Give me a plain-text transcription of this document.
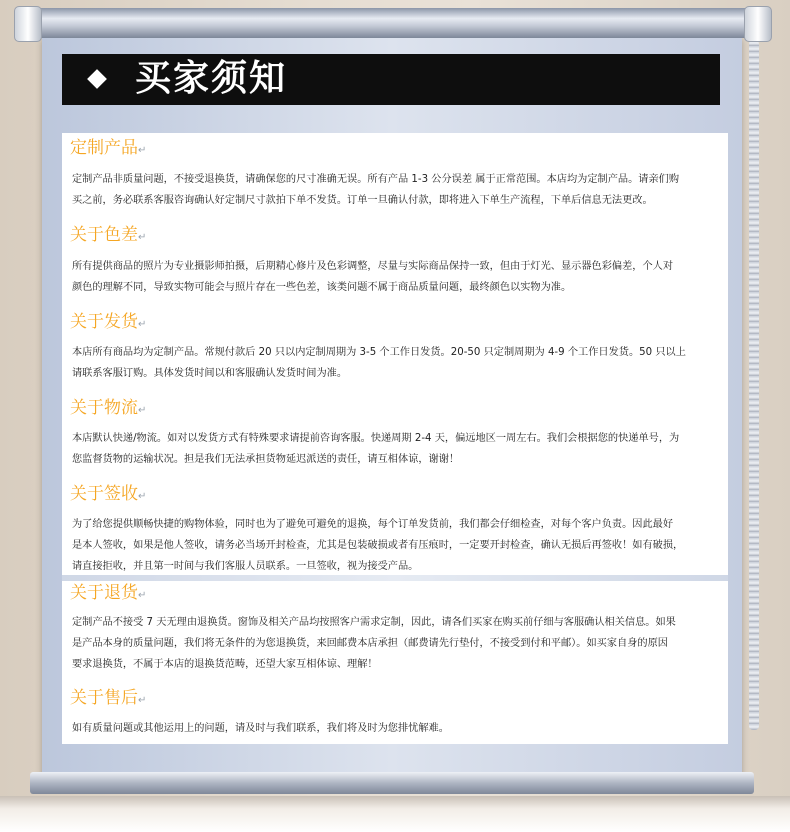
买家须知
定制产品↵
定制产品非质量问题，不接受退换货，请确保您的尺寸准确无误。所有产品 1-3 公分误差 属于正常范围。本店均为定制产品。请亲们购
买之前，务必联系客服咨询确认好定制尺寸款拍下单不发货。订单一旦确认付款，即将进入下单生产流程，下单后信息无法更改。
关于色差↵
所有提供商品的照片为专业摄影师拍摄，后期精心修片及色彩调整，尽量与实际商品保持一致，但由于灯光、显示器色彩偏差，个人对
颜色的理解不同，导致实物可能会与照片存在一些色差，该类问题不属于商品质量问题，最终颜色以实物为准。
关于发货↵
本店所有商品均为定制产品。常规付款后 20 只以内定制周期为 3-5 个工作日发货。20-50 只定制周期为 4-9 个工作日发货。50 只以上
请联系客服订购。具体发货时间以和客服确认发货时间为准。
关于物流↵
本店默认快递/物流。如对以发货方式有特殊要求请提前咨询客服。快递周期 2-4 天，偏远地区一周左右。我们会根据您的快递单号，为
您监督货物的运输状况。担是我们无法承担货物延迟派送的责任，请互相体谅，谢谢！
关于签收↵
为了给您提供顺畅快捷的购物体验，同时也为了避免可避免的退换，每个订单发货前，我们都会仔细检查，对每个客户负责。因此最好
是本人签收，如果是他人签收，请务必当场开封检查，尤其是包装破损或者有压痕时，一定要开封检查，确认无损后再签收！如有破损，
请直接拒收，并且第一时间与我们客服人员联系。一旦签收，视为接受产品。
关于退货↵
定制产品不接受 7 天无理由退换货。窗饰及相关产品均按照客户需求定制，因此，请各们买家在购买前仔细与客服确认相关信息。如果
是产品本身的质量问题，我们将无条件的为您退换货，来回邮费本店承担（邮费请先行垫付，不接受到付和平邮）。如买家自身的原因
要求退换货，不属于本店的退换货范畴，还望大家互相体谅、理解！
关于售后↵
如有质量问题或其他运用上的问题，请及时与我们联系，我们将及时为您排忧解难。
